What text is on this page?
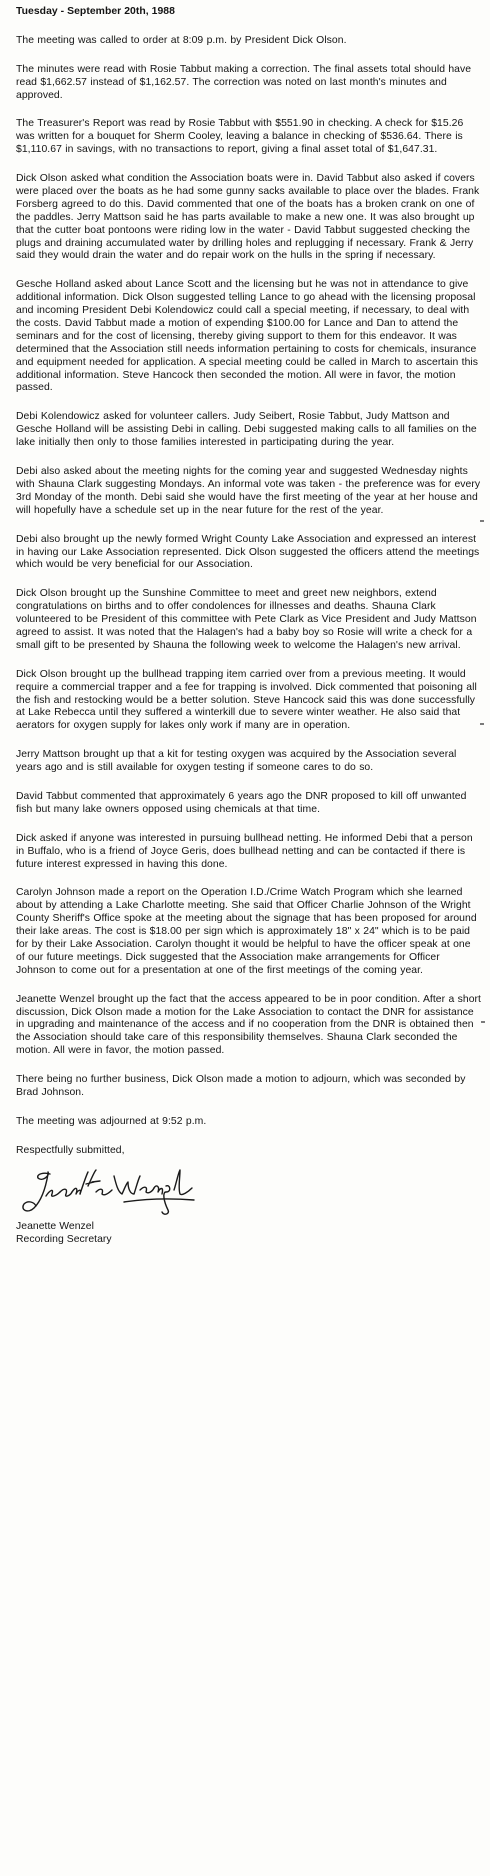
Tuesday - September 20th, 1988

The meeting was called to order at 8:09 p.m. by President Dick Olson.

The minutes were read with Rosie Tabbut making a correction. The final assets total should have read $1,662.57 instead of $1,162.57. The correction was noted on last month's minutes and approved.

The Treasurer's Report was read by Rosie Tabbut with $551.90 in checking. A check for $15.26 was written for a bouquet for Sherm Cooley, leaving a balance in checking of $536.64. There is $1,110.67 in savings, with no transactions to report, giving a final asset total of $1,647.31.

Dick Olson asked what condition the Association boats were in. David Tabbut also asked if covers were placed over the boats as he had some gunny sacks available to place over the blades. Frank Forsberg agreed to do this. David commented that one of the boats has a broken crank on one of the paddles. Jerry Mattson said he has parts available to make a new one. It was also brought up that the cutter boat pontoons were riding low in the water - David Tabbut suggested checking the plugs and draining accumulated water by drilling holes and replugging if necessary. Frank & Jerry said they would drain the water and do repair work on the hulls in the spring if necessary.

Gesche Holland asked about Lance Scott and the licensing but he was not in attendance to give additional information. Dick Olson suggested telling Lance to go ahead with the licensing proposal and incoming President Debi Kolendowicz could call a special meeting, if necessary, to deal with the costs. David Tabbut made a motion of expending $100.00 for Lance and Dan to attend the seminars and for the cost of licensing, thereby giving support to them for this endeavor. It was determined that the Association still needs information pertaining to costs for chemicals, insurance and equipment needed for application. A special meeting could be called in March to ascertain this additional information. Steve Hancock then seconded the motion. All were in favor, the motion passed.

Debi Kolendowicz asked for volunteer callers. Judy Seibert, Rosie Tabbut, Judy Mattson and Gesche Holland will be assisting Debi in calling. Debi suggested making calls to all families on the lake initially then only to those families interested in participating during the year.

Debi also asked about the meeting nights for the coming year and suggested Wednesday nights with Shauna Clark suggesting Mondays. An informal vote was taken - the preference was for every 3rd Monday of the month. Debi said she would have the first meeting of the year at her house and will hopefully have a schedule set up in the near future for the rest of the year.

Debi also brought up the newly formed Wright County Lake Association and expressed an interest in having our Lake Association represented. Dick Olson suggested the officers attend the meetings which would be very beneficial for our Association.

Dick Olson brought up the Sunshine Committee to meet and greet new neighbors, extend congratulations on births and to offer condolences for illnesses and deaths. Shauna Clark volunteered to be President of this committee with Pete Clark as Vice President and Judy Mattson agreed to assist. It was noted that the Halagen's had a baby boy so Rosie will write a check for a small gift to be presented by Shauna the following week to welcome the Halagen's new arrival.

Dick Olson brought up the bullhead trapping item carried over from a previous meeting. It would require a commercial trapper and a fee for trapping is involved. Dick commented that poisoning all the fish and restocking would be a better solution. Steve Hancock said this was done successfully at Lake Rebecca until they suffered a winterkill due to severe winter weather. He also said that aerators for oxygen supply for lakes only work if many are in operation.

Jerry Mattson brought up that a kit for testing oxygen was acquired by the Association several years ago and is still available for oxygen testing if someone cares to do so.

David Tabbut commented that approximately 6 years ago the DNR proposed to kill off unwanted fish but many lake owners opposed using chemicals at that time.

Dick asked if anyone was interested in pursuing bullhead netting. He informed Debi that a person in Buffalo, who is a friend of Joyce Geris, does bullhead netting and can be contacted if there is future interest expressed in having this done.

Carolyn Johnson made a report on the Operation I.D./Crime Watch Program which she learned about by attending a Lake Charlotte meeting. She said that Officer Charlie Johnson of the Wright County Sheriff's Office spoke at the meeting about the signage that has been proposed for around their lake areas. The cost is $18.00 per sign which is approximately 18" x 24" which is to be paid for by their Lake Association. Carolyn thought it would be helpful to have the officer speak at one of our future meetings. Dick suggested that the Association make arrangements for Officer Johnson to come out for a presentation at one of the first meetings of the coming year.

Jeanette Wenzel brought up the fact that the access appeared to be in poor condition. After a short discussion, Dick Olson made a motion for the Lake Association to contact the DNR for assistance in upgrading and maintenance of the access and if no cooperation from the DNR is obtained then the Association should take care of this responsibility themselves. Shauna Clark seconded the motion. All were in favor, the motion passed.

There being no further business, Dick Olson made a motion to adjourn, which was seconded by Brad Johnson.

The meeting was adjourned at 9:52 p.m.

Respectfully submitted,

Jeanette Wenzel

Recording Secretary
